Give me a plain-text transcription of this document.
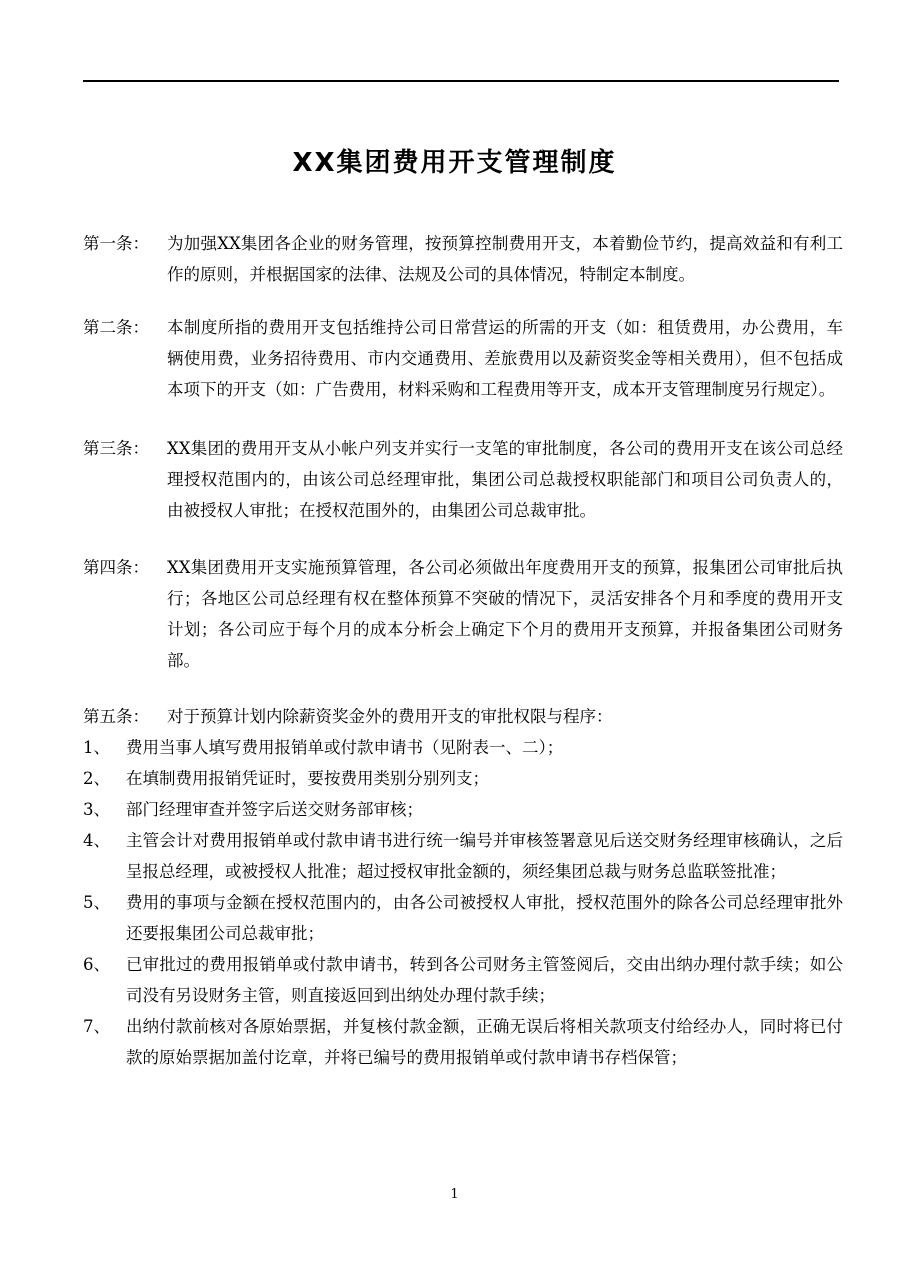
XX集团费用开支管理制度
第一条：	为加强XX集团各企业的财务管理，按预算控制费用开支，本着勤俭节约，提高效益和有利工作的原则，并根据国家的法律、法规及公司的具体情况，特制定本制度。
第二条：	本制度所指的费用开支包括维持公司日常营运的所需的开支（如：租赁费用，办公费用，车辆使用费，业务招待费用、市内交通费用、差旅费用以及薪资奖金等相关费用），但不包括成本项下的开支（如：广告费用，材料采购和工程费用等开支，成本开支管理制度另行规定）。
第三条：	XX集团的费用开支从小帐户列支并实行一支笔的审批制度，各公司的费用开支在该公司总经理授权范围内的，由该公司总经理审批，集团公司总裁授权职能部门和项目公司负责人的，由被授权人审批；在授权范围外的，由集团公司总裁审批。
第四条：	XX集团费用开支实施预算管理，各公司必须做出年度费用开支的预算，报集团公司审批后执行；各地区公司总经理有权在整体预算不突破的情况下，灵活安排各个月和季度的费用开支计划；各公司应于每个月的成本分析会上确定下个月的费用开支预算，并报备集团公司财务部。
第五条：	对于预算计划内除薪资奖金外的费用开支的审批权限与程序：
1、 费用当事人填写费用报销单或付款申请书（见附表一、二）；
2、 在填制费用报销凭证时，要按费用类别分别列支；
3、 部门经理审查并签字后送交财务部审核；
4、 主管会计对费用报销单或付款申请书进行统一编号并审核签署意见后送交财务经理审核确认，之后呈报总经理，或被授权人批准；超过授权审批金额的，须经集团总裁与财务总监联签批准；
5、 费用的事项与金额在授权范围内的，由各公司被授权人审批，授权范围外的除各公司总经理审批外还要报集团公司总裁审批；
6、 已审批过的费用报销单或付款申请书，转到各公司财务主管签阅后，交由出纳办理付款手续；如公司没有另设财务主管，则直接返回到出纳处办理付款手续；
7、 出纳付款前核对各原始票据，并复核付款金额，正确无误后将相关款项支付给经办人，同时将已付款的原始票据加盖付讫章，并将已编号的费用报销单或付款申请书存档保管；
1
